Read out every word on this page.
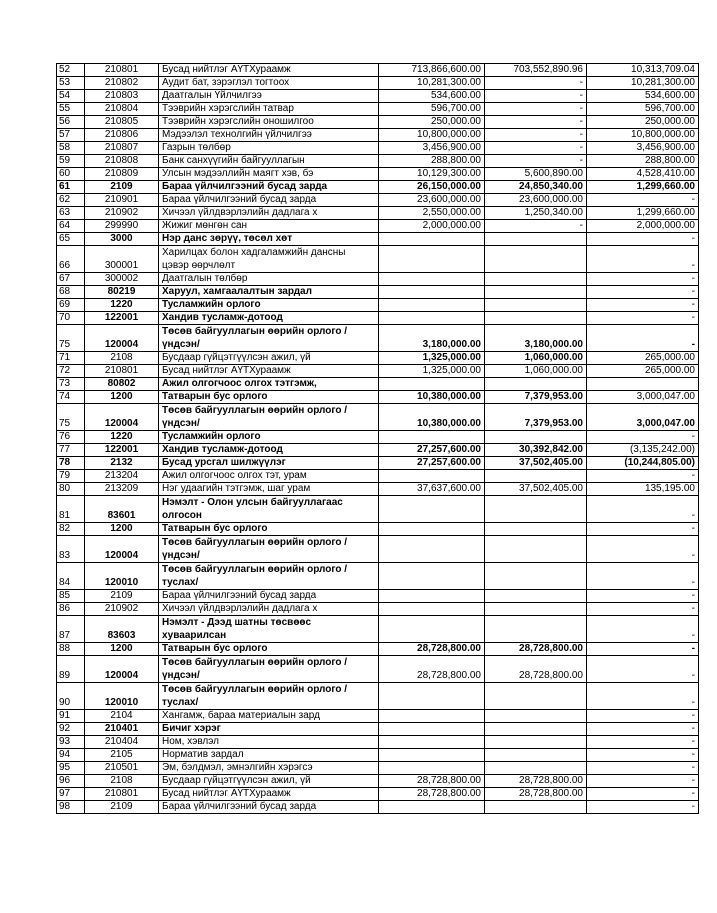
52	210801	Бусад нийтлэг АҮТХураамж	713,866,600.00	703,552,890.96	10,313,709.04
53	210802	Аудит бат, зэрэглэл тогтоох	10,281,300.00	-	10,281,300.00
54	210803	Даатгалын Үйлчилгээ	534,600.00	-	534,600.00
55	210804	Тээврийн хэрэгслийн татвар	596,700.00	-	596,700.00
56	210805	Тээврийн хэрэгслийн оношилгоо	250,000.00	-	250,000.00
57	210806	Мэдээлэл технолгийн үйлчилгээ	10,800,000.00	-	10,800,000.00
58	210807	Газрын төлбөр	3,456,900.00	-	3,456,900.00
59	210808	Банк санхүүгийн байгууллагын	288,800.00	-	288,800.00
60	210809	Улсын мэдээллийн маягт хэв, бэ	10,129,300.00	5,600,890.00	4,528,410.00
61	2109	Бараа үйлчилгээний бусад зарда	26,150,000.00	24,850,340.00	1,299,660.00
62	210901	Бараа үйлчилгээний бусад зарда	23,600,000.00	23,600,000.00	-
63	210902	Хичээл үйлдвэрлэлийн дадлага х	2,550,000.00	1,250,340.00	1,299,660.00
64	299990	Жижиг мөнгөн сан	2,000,000.00	-	2,000,000.00
65	3000	Нэр данс зөрүү, төсөл хөт			-
66	300001	Харилцах болон хадгаламжийн дансны цэвэр өөрчлөлт			-
67	300002	Даатгалын төлбөр			-
68	80219	Харуул, хамгаалалтын зардал			-
69	1220	Тусламжийн орлого			-
70	122001	Хандив тусламж-дотоод			-
75	120004	Төсөв байгууллагын өөрийн орлого /үндсэн/	3,180,000.00	3,180,000.00	-
71	2108	Бусдаар гүйцэтгүүлсэн ажил, үй	1,325,000.00	1,060,000.00	265,000.00
72	210801	Бусад нийтлэг АҮТХураамж	1,325,000.00	1,060,000.00	265,000.00
73	80802	Ажил олгогчоос олгох тэтгэмж,			
74	1200	Татварын бус орлого	10,380,000.00	7,379,953.00	3,000,047.00
75	120004	Төсөв байгууллагын өөрийн орлого /үндсэн/	10,380,000.00	7,379,953.00	3,000,047.00
76	1220	Тусламжийн орлого			-
77	122001	Хандив тусламж-дотоод	27,257,600.00	30,392,842.00	(3,135,242.00)
78	2132	Бусад урсгал шилжүүлэг	27,257,600.00	37,502,405.00	(10,244,805.00)
79	213204	Ажил олгогчоос олгох тэт, урам			-
80	213209	Нэг удаагийн тэтгэмж, шаг урам	37,637,600.00	37,502,405.00	135,195.00
81	83601	Нэмэлт - Олон улсын байгууллагаас олгосон			-
82	1200	Татварын бус орлого			-
83	120004	Төсөв байгууллагын өөрийн орлого /үндсэн/			-
84	120010	Төсөв байгууллагын өөрийн орлого /туслах/			-
85	2109	Бараа үйлчилгээний бусад зарда			-
86	210902	Хичээл үйлдвэрлэлийн дадлага х			-
87	83603	Нэмэлт - Дээд шатны төсвөөс хуваарилсан			-
88	1200	Татварын бус орлого	28,728,800.00	28,728,800.00	-
89	120004	Төсөв байгууллагын өөрийн орлого /үндсэн/	28,728,800.00	28,728,800.00	-
90	120010	Төсөв байгууллагын өөрийн орлого /туслах/			-
91	2104	Хангамж, бараа материалын зард			-
92	210401	Бичиг хэрэг			-
93	210404	Ном, хэвлэл			-
94	2105	Норматив зардал			-
95	210501	Эм, бэлдмэл, эмнэлгийн хэрэгсэ			-
96	2108	Бусдаар гүйцэтгүүлсэн ажил, үй	28,728,800.00	28,728,800.00	-
97	210801	Бусад нийтлэг АҮТХураамж	28,728,800.00	28,728,800.00	-
98	2109	Бараа үйлчилгээний бусад зарда			-
